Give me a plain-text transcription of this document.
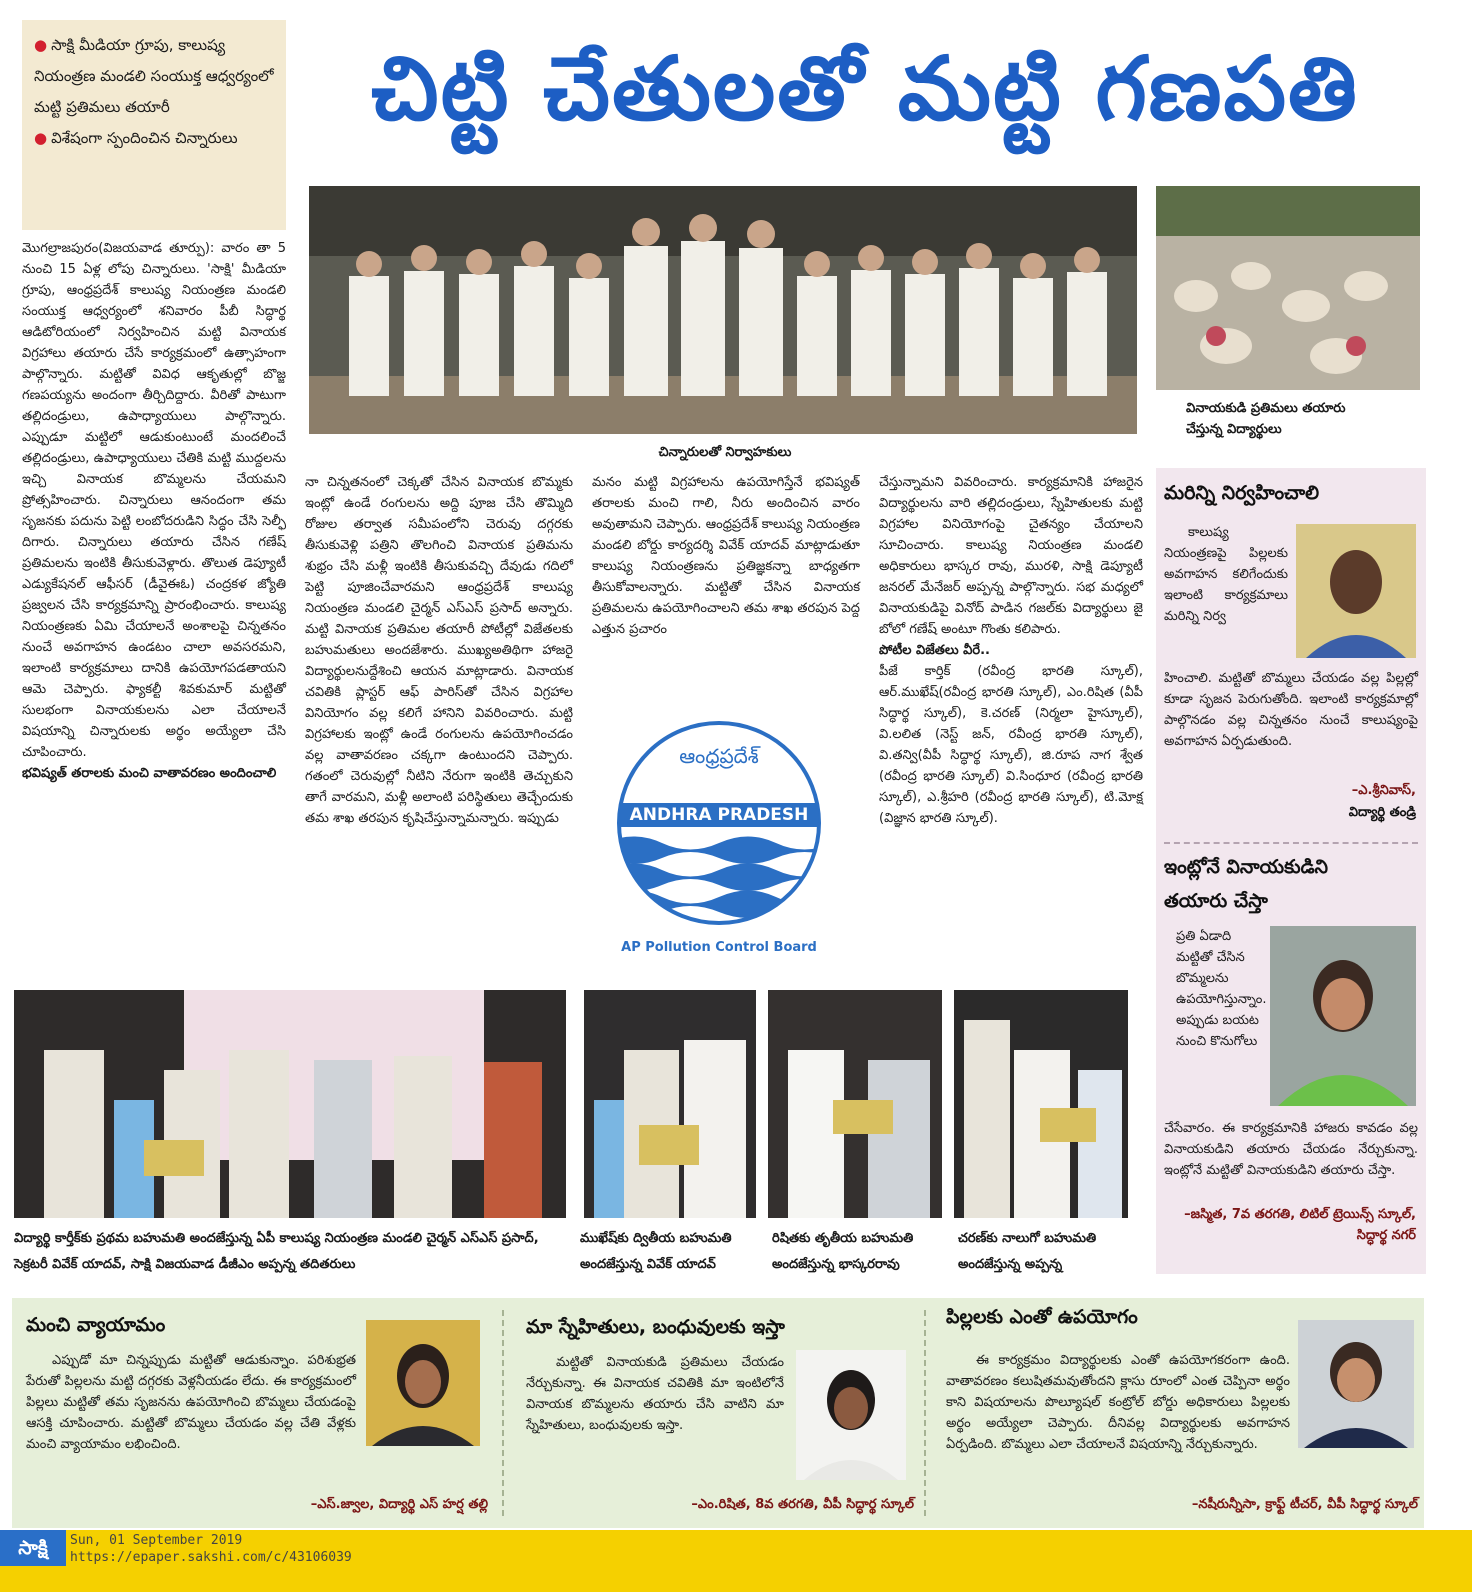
● సాక్షి మీడియా గ్రూపు, కాలుష్య నియంత్రణ మండలి సంయుక్త ఆధ్వర్యంలో మట్టి ప్రతిమలు తయారీ
● విశేషంగా స్పందించిన చిన్నారులు	చిట్టి చేతులతో మట్టి గణపతి
చిన్నారులతో నిర్వాహకులు
వినాయకుడి ప్రతిమలు తయారు చేస్తున్న విద్యార్థులు
మొగల్రాజపురం(విజయవాడ తూర్పు): వారం తా 5 నుంచి 15 ఏళ్ల లోపు చిన్నారులు. 'సాక్షి' మీడియా గ్రూపు, ఆంధ్రప్రదేశ్ కాలుష్య నియంత్రణ మండలి సంయుక్త ఆధ్వర్యంలో శనివారం పీబీ సిద్ధార్థ ఆడిటోరియంలో నిర్వహించిన మట్టి వినాయక విగ్రహాలు తయారు చేసే కార్యక్రమంలో ఉత్సాహంగా పాల్గొన్నారు. మట్టితో వివిధ ఆకృతుల్లో బొజ్జ గణపయ్యను అందంగా తీర్చిదిద్దారు. వీరితో పాటుగా తల్లిదండ్రులు, ఉపాధ్యాయులు పాల్గొన్నారు. ఎప్పుడూ మట్టిలో ఆడుకుంటుంటే మందలించే తల్లిదండ్రులు, ఉపాధ్యాయులు చేతికి మట్టి ముద్దలను ఇచ్చి వినాయక బొమ్మలను చేయమని ప్రోత్సహించారు. చిన్నారులు ఆనందంగా తమ సృజనకు పదును పెట్టి లంబోదరుడిని సిద్ధం చేసి సెల్ఫీ దిగారు. చిన్నారులు తయారు చేసిన గణేష్ ప్రతిమలను ఇంటికి తీసుకువెళ్లారు. తొలుత డెప్యూటీ ఎడ్యుకేషనల్ ఆఫీసర్ (డీవైఈఓ) చంద్రకళ జ్యోతి ప్రజ్వలన చేసి కార్యక్రమాన్ని ప్రారంభించారు. కాలుష్య నియంత్రణకు ఏమి చేయాలనే అంశాలపై చిన్నతనం నుంచే అవగాహన ఉండటం చాలా అవసరమని, ఇలాంటి కార్యక్రమాలు దానికి ఉపయోగపడతాయని ఆమె చెప్పారు. ఫ్యాకల్టీ శివకుమార్ మట్టితో సులభంగా వినాయకులను ఎలా చేయాలనే విషయాన్ని చిన్నారులకు అర్థం అయ్యేలా చేసి చూపించారు.
భవిష్యత్ తరాలకు మంచి వాతావరణం అందించాలి
నా చిన్నతనంలో చెక్కతో చేసిన వినాయక బొమ్మకు ఇంట్లో ఉండే రంగులను అద్ది పూజ చేసి తొమ్మిది రోజుల తర్వాత సమీపంలోని చెరువు దగ్గరకు తీసుకువెళ్లి పత్రిని తొలగించి వినాయక ప్రతిమను శుభ్రం చేసి మళ్లీ ఇంటికి తీసుకువచ్చి దేవుడు గదిలో పెట్టి పూజించేవారమని ఆంధ్రప్రదేశ్ కాలుష్య నియంత్రణ మండలి చైర్మన్ ఎస్ఎస్ ప్రసాద్ అన్నారు. మట్టి వినాయక ప్రతిమల తయారీ పోటీల్లో విజేతలకు బహుమతులు అందజేశారు. ముఖ్యఅతిథిగా హాజరై విద్యార్థులనుద్దేశించి ఆయన మాట్లాడారు. వినాయక చవితికి ప్లాస్టర్ ఆఫ్ పారిస్‌తో చేసిన విగ్రహాల వినియోగం వల్ల కలిగే హానిని వివరించారు. మట్టి విగ్రహాలకు ఇంట్లో ఉండే రంగులను ఉపయోగించడం వల్ల వాతావరణం చక్కగా ఉంటుందని చెప్పారు. గతంలో చెరువుల్లో నీటిని నేరుగా ఇంటికి తెచ్చుకుని తాగే వారమని, మళ్లీ అలాంటి పరిస్థితులు తెచ్చేందుకు తమ శాఖ తరపున కృషిచేస్తున్నామన్నారు. ఇప్పుడు
మనం మట్టి విగ్రహాలను ఉపయోగిస్తేనే భవిష్యత్ తరాలకు మంచి గాలి, నీరు అందించిన వారం అవుతామని చెప్పారు. ఆంధ్రప్రదేశ్ కాలుష్య నియంత్రణ మండలి బోర్డు కార్యదర్శి వివేక్ యాదవ్ మాట్లాడుతూ కాలుష్య నియంత్రణను ప్రతిజ్ఞకన్నా బాధ్యతగా తీసుకోవాలన్నారు. మట్టితో చేసిన వినాయక ప్రతిమలను ఉపయోగించాలని తమ శాఖ తరపున పెద్ద ఎత్తున ప్రచారం
చేస్తున్నామని వివరించారు. కార్యక్రమానికి హాజరైన విద్యార్థులను వారి తల్లిదండ్రులు, స్నేహితులకు మట్టి విగ్రహాల వినియోగంపై చైతన్యం చేయాలని సూచించారు. కాలుష్య నియంత్రణ మండలి అధికారులు భాస్కర రావు, మురళి, సాక్షి డెప్యూటీ జనరల్ మేనేజర్ అప్పన్న పాల్గొన్నారు. సభ మధ్యలో వినాయకుడిపై వినోద్ పాడిన గజల్‌కు విద్యార్థులు జై బోలో గణేష్ అంటూ గొంతు కలిపారు.
పోటీల విజేతలు వీరే..
పీజే కార్తిక్ (రవీంద్ర భారతి స్కూల్), ఆర్.ముఖేష్(రవీంద్ర భారతి స్కూల్), ఎం.రిషిత (వీపీ సిద్ధార్థ స్కూల్), కె.చరణ్ (నిర్మలా హైస్కూల్), వి.లలిత (నెస్ట్ జన్, రవీంద్ర భారతి స్కూల్), వి.తన్వి(వీపీ సిద్ధార్థ స్కూల్), జి.రూప నాగ శ్వేత (రవీంద్ర భారతి స్కూల్) వి.సింధూర (రవీంద్ర భారతి స్కూల్), ఎ.శ్రీహరి (రవీంద్ర భారతి స్కూల్), టి.మోక్ష (విజ్ఞాన భారతి స్కూల్).
ఆంధ్రప్రదేశ్
ANDHRA PRADESH
AP Pollution Control Board
మరిన్ని నిర్వహించాలి
కాలుష్య నియంత్రణపై పిల్లలకు అవగాహన కలిగేందుకు ఇలాంటి కార్యక్రమాలు మరిన్ని నిర్వ
హించాలి. మట్టితో బొమ్మలు చేయడం వల్ల పిల్లల్లో కూడా సృజన పెరుగుతోంది. ఇలాంటి కార్యక్రమాల్లో పాల్గొనడం వల్ల చిన్నతనం నుంచే కాలుష్యంపై అవగాహన ఏర్పడుతుంది.
–ఎ.శ్రీనివాస్,
విద్యార్థి తండ్రి
ఇంట్లోనే వినాయకుడిని తయారు చేస్తా
ప్రతి ఏడాది మట్టితో చేసిన బొమ్మలను ఉపయోగిస్తున్నాం. అప్పుడు బయట నుంచి కొనుగోలు
చేసేవారం. ఈ కార్యక్రమానికి హాజరు కావడం వల్ల వినాయకుడిని తయారు చేయడం నేర్చుకున్నా. ఇంట్లోనే మట్టితో వినాయకుడిని తయారు చేస్తా.
–జస్మిత, 7వ తరగతి, లిటిల్ ట్రెయిన్స్ స్కూల్, సిద్ధార్థ నగర్
విద్యార్థి కార్తీక్‌కు ప్రథమ బహుమతి అందజేస్తున్న ఏపీ కాలుష్య నియంత్రణ మండలి చైర్మన్ ఎస్ఎస్ ప్రసాద్, సెక్రటరీ వివేక్ యాదవ్, సాక్షి విజయవాడ డీజీఎం అప్పన్న తదితరులు
ముఖేష్‌కు ద్వితీయ బహుమతి అందజేస్తున్న వివేక్ యాదవ్
రిషితకు తృతీయ బహుమతి అందజేస్తున్న భాస్కరరావు
చరణ్‌కు నాలుగో బహుమతి అందజేస్తున్న అప్పన్న
మంచి వ్యాయామం
ఎప్పుడో మా చిన్నప్పుడు మట్టితో ఆడుకున్నాం. పరిశుభ్రత పేరుతో పిల్లలను మట్టి దగ్గరకు వెళ్లనీయడం లేదు. ఈ కార్యక్రమంలో పిల్లలు మట్టితో తమ సృజనను ఉపయోగించి బొమ్మలు చేయడంపై ఆసక్తి చూపించారు. మట్టితో బొమ్మలు చేయడం వల్ల చేతి వేళ్లకు మంచి వ్యాయామం లభించింది.
–ఎస్.జ్వాల, విద్యార్థి ఎస్ హర్ష తల్లి
మా స్నేహితులు, బంధువులకు ఇస్తా
మట్టితో వినాయకుడి ప్రతిమలు చేయడం నేర్చుకున్నా. ఈ వినాయక చవితికి మా ఇంటిలోనే వినాయక బొమ్మలను తయారు చేసి వాటిని మా స్నేహితులు, బంధువులకు ఇస్తా.
–ఎం.రిషిత, 8వ తరగతి, వీపీ సిద్ధార్థ స్కూల్
పిల్లలకు ఎంతో ఉపయోగం
ఈ కార్యక్రమం విద్యార్థులకు ఎంతో ఉపయోగకరంగా ఉంది. వాతావరణం కలుషితమవుతోందని క్లాసు రూంలో ఎంత చెప్పినా అర్థం కాని విషయాలను పొల్యూషల్ కంట్రోల్ బోర్డు అధికారులు పిల్లలకు అర్థం అయ్యేలా చెప్పారు. దీనివల్ల విద్యార్థులకు అవగాహన ఏర్పడింది. బొమ్మలు ఎలా చేయాలనే విషయాన్ని నేర్చుకున్నారు.
–నషీరున్నీసా, క్రాఫ్ట్ టీచర్, వీపీ సిద్ధార్థ స్కూల్
సాక్షి	Sun, 01 September 2019
https://epaper.sakshi.com/c/43106039
